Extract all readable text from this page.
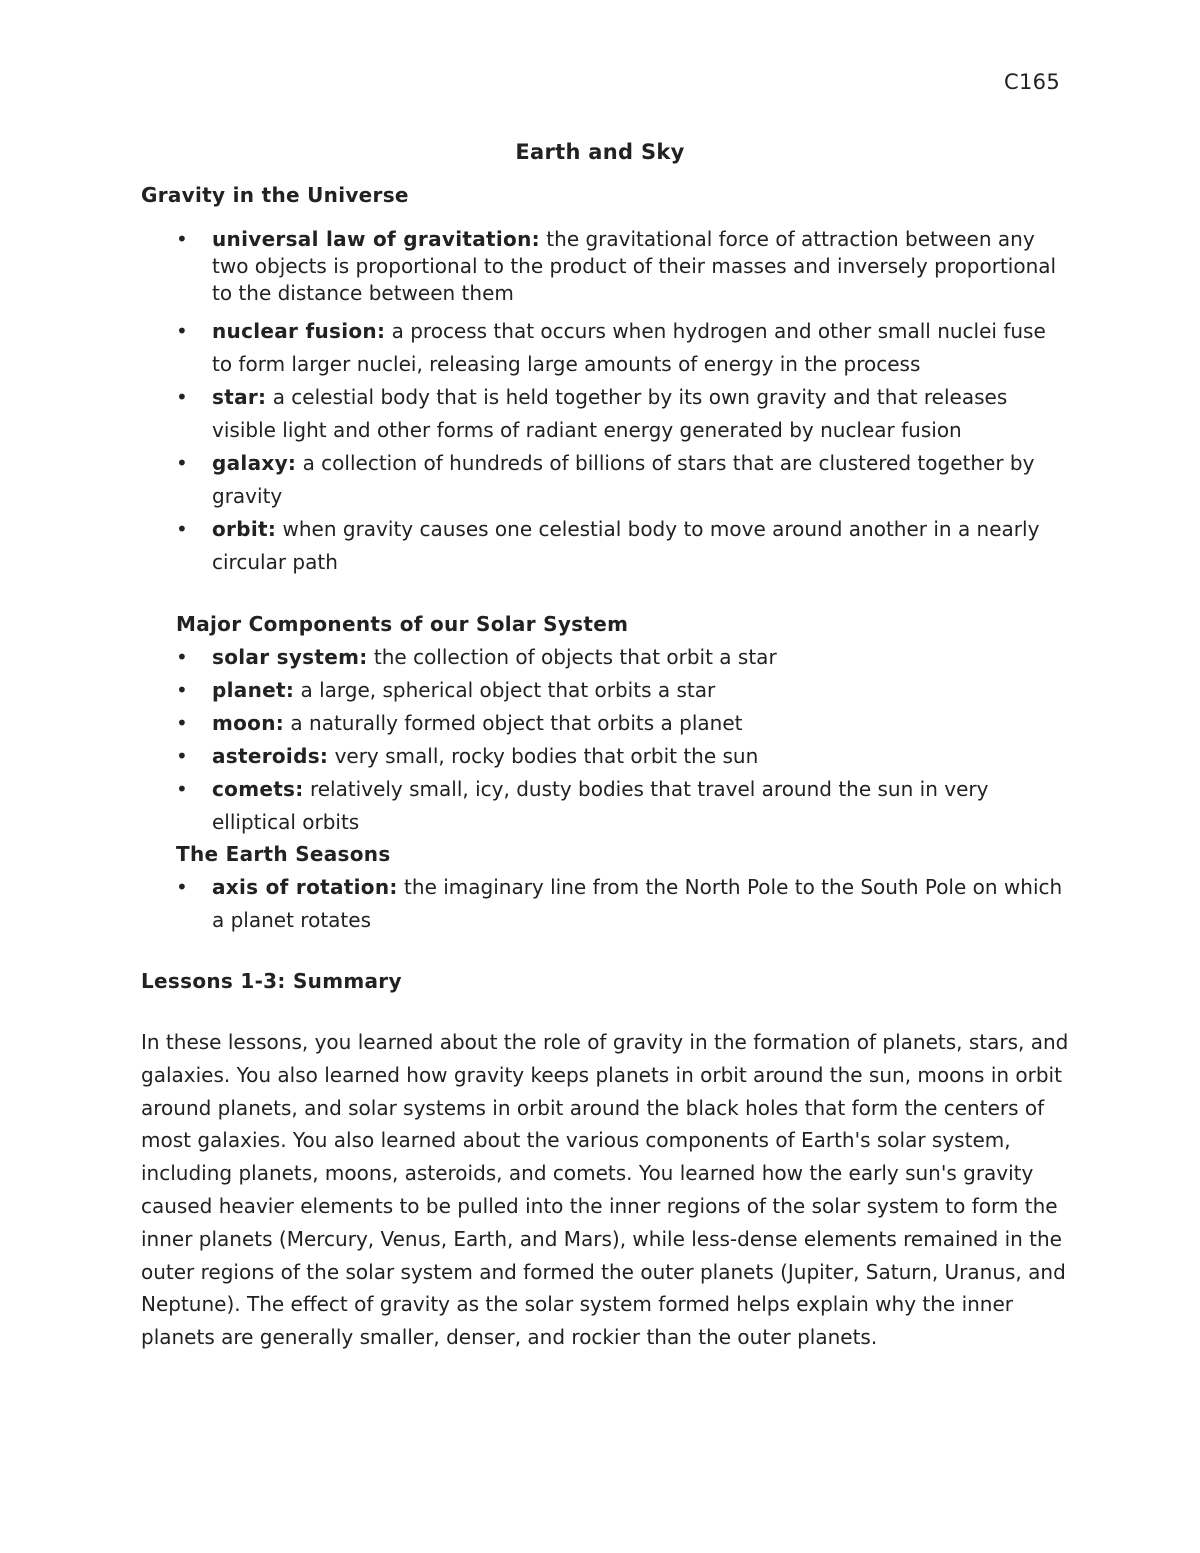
C165
Earth and Sky
Gravity in the Universe
• universal law of gravitation: the gravitational force of attraction between any two objects is proportional to the product of their masses and inversely proportional to the distance between them
• nuclear fusion: a process that occurs when hydrogen and other small nuclei fuse to form larger nuclei, releasing large amounts of energy in the process
• star: a celestial body that is held together by its own gravity and that releases visible light and other forms of radiant energy generated by nuclear fusion
• galaxy: a collection of hundreds of billions of stars that are clustered together by gravity
• orbit: when gravity causes one celestial body to move around another in a nearly circular path
Major Components of our Solar System
• solar system: the collection of objects that orbit a star
• planet: a large, spherical object that orbits a star
• moon: a naturally formed object that orbits a planet
• asteroids: very small, rocky bodies that orbit the sun
• comets: relatively small, icy, dusty bodies that travel around the sun in very elliptical orbits
The Earth Seasons
• axis of rotation: the imaginary line from the North Pole to the South Pole on which a planet rotates
Lessons 1-3: Summary

In these lessons, you learned about the role of gravity in the formation of planets, stars, and galaxies. You also learned how gravity keeps planets in orbit around the sun, moons in orbit around planets, and solar systems in orbit around the black holes that form the centers of most galaxies. You also learned about the various components of Earth's solar system, including planets, moons, asteroids, and comets. You learned how the early sun's gravity caused heavier elements to be pulled into the inner regions of the solar system to form the inner planets (Mercury, Venus, Earth, and Mars), while less-dense elements remained in the outer regions of the solar system and formed the outer planets (Jupiter, Saturn, Uranus, and Neptune). The effect of gravity as the solar system formed helps explain why the inner planets are generally smaller, denser, and rockier than the outer planets.
